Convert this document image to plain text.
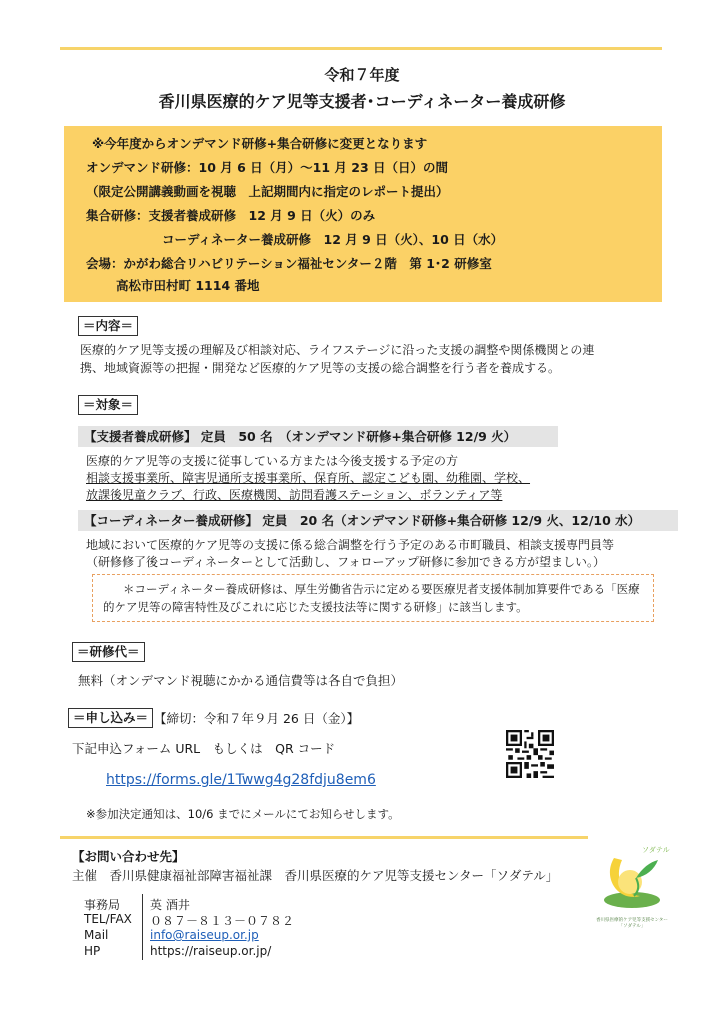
令和７年度
香川県医療的ケア児等支援者･コーディネーター養成研修
※今年度からオンデマンド研修+集合研修に変更となります
オンデマンド研修：10 月 6 日（月）～11 月 23 日（日）の間
（限定公開講義動画を視聴　上記期間内に指定のレポート提出）
集合研修：支援者養成研修　12 月 9 日（火）のみ
コーディネーター養成研修　12 月 9 日（火）、10 日（水）
会場：かがわ総合リハビリテーション福祉センター２階　第 1･2 研修室
高松市田村町 1114 番地
＝内容＝
医療的ケア児等支援の理解及び相談対応、ライフステージに沿った支援の調整や関係機関との連
携、地域資源等の把握・開発など医療的ケア児等の支援の総合調整を行う者を養成する。
＝対象＝
【支援者養成研修】 定員　50 名　（オンデマンド研修+集合研修 12/9 火）
医療的ケア児等の支援に従事している方または今後支援する予定の方
相談支援事業所、障害児通所支援事業所、保育所、認定こども園、幼稚園、学校、
放課後児童クラブ、行政、医療機関、訪問看護ステーション、ボランティア等
【コーディネーター養成研修】 定員　20 名（オンデマンド研修+集合研修 12/9 火、12/10 水）
地域において医療的ケア児等の支援に係る総合調整を行う予定のある市町職員、相談支援専門員等
（研修修了後コーディネーターとして活動し、フォローアップ研修に参加できる方が望ましい。）
＊コーディネーター養成研修は、厚生労働省告示に定める要医療児者支援体制加算要件である「医療
的ケア児等の障害特性及びこれに応じた支援技法等に関する研修」に該当します。
＝研修代＝
無料（オンデマンド視聴にかかる通信費等は各自で負担）
＝申し込み＝ 【締切：令和７年９月 26 日（金）】
下記申込フォーム URL　もしくは　QR コード
https://forms.gle/1Twwg4g28fdju8em6
※参加決定通知は、10/6 までにメールにてお知らせします。
【お問い合わせ先】
主催　香川県健康福祉部障害福祉課　香川県医療的ケア児等支援センター「ソダテル」
事務局 英 酒井
TEL/FAX ０８７－８１３－０７８２
Mail	info@raiseup.or.jp
HP	https://raiseup.or.jp/
ソダテル
香川県医療的ケア児等支援センター「ソダテル」
